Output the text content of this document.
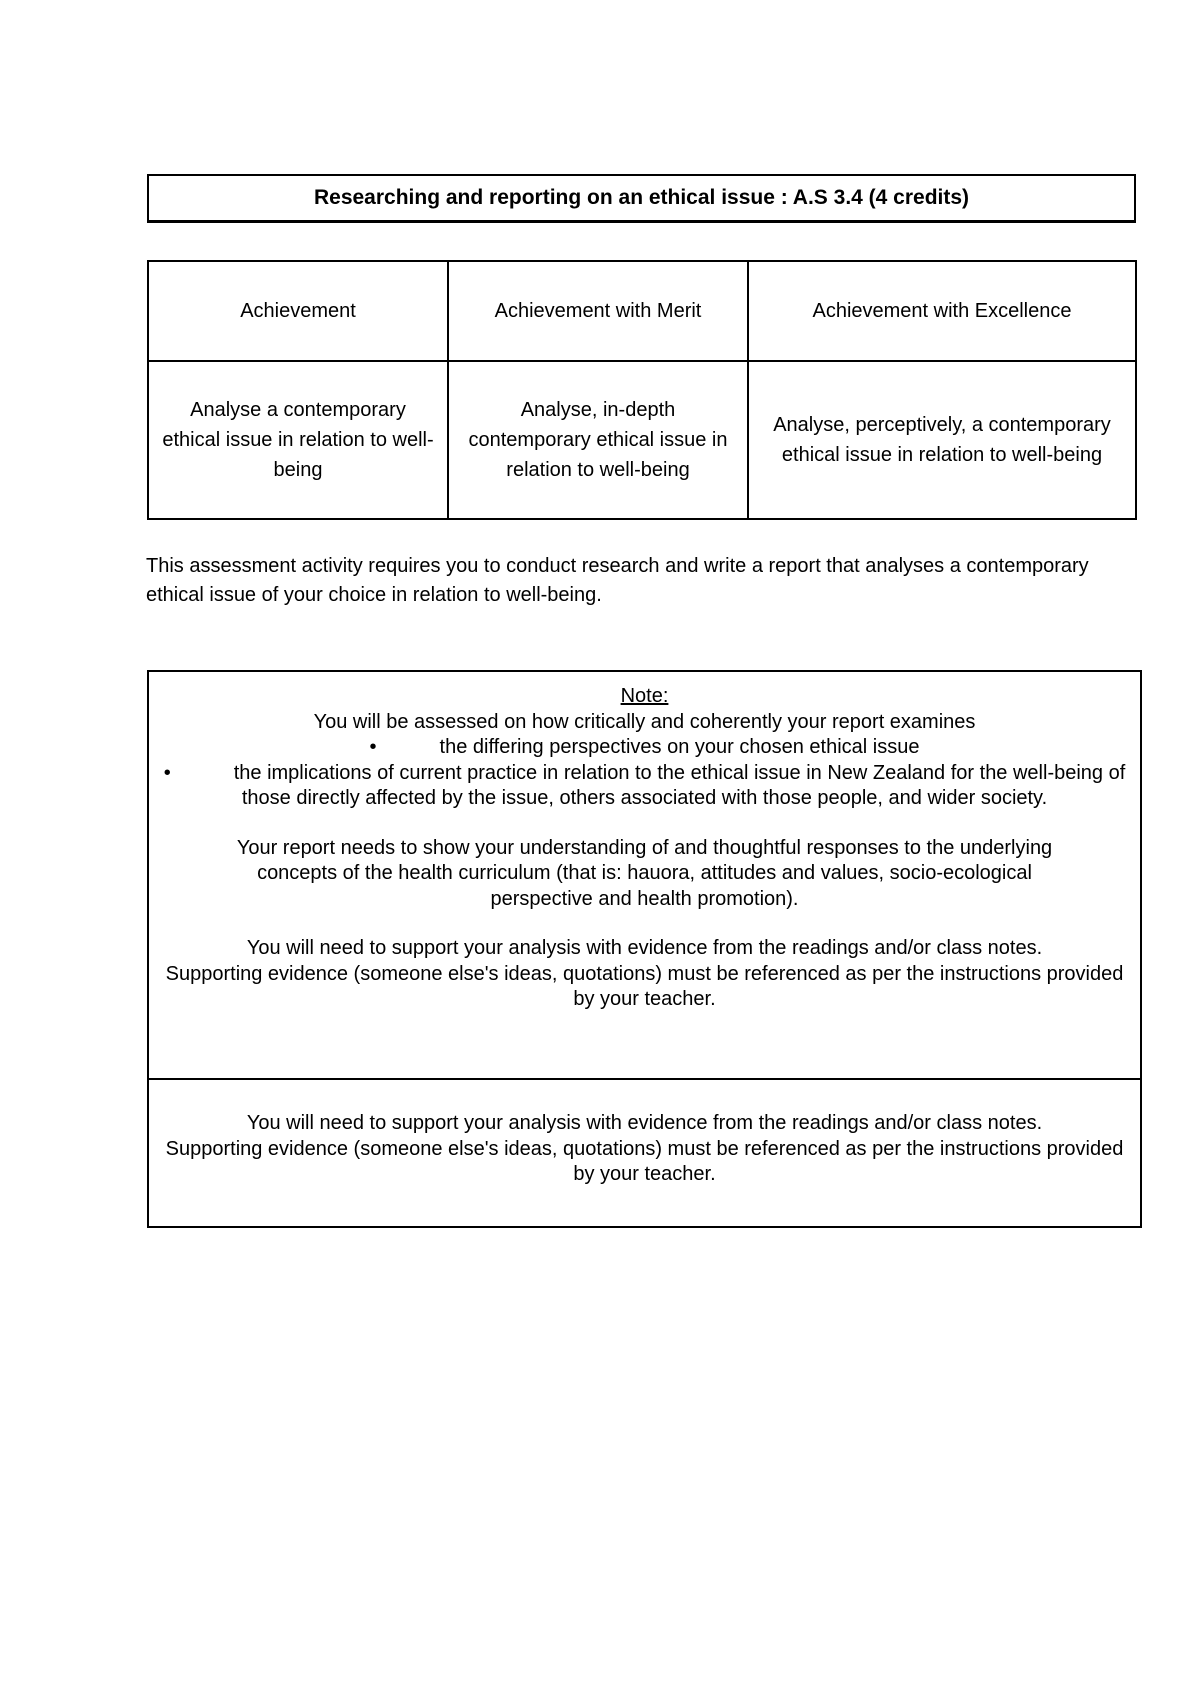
Researching and reporting on an ethical issue : A.S 3.4 (4 credits)
Achievement	Achievement with Merit	Achievement with Excellence
Analyse a contemporary ethical issue in relation to well-being	Analyse, in-depth contemporary ethical issue in relation to well-being	Analyse, perceptively, a contemporary ethical issue in relation to well-being
This assessment activity requires you to conduct research and write a report that analyses a contemporary ethical issue of your choice in relation to well-being.
Note:
You will be assessed on how critically and coherently your report examines
•	the differing perspectives on your chosen ethical issue
•	the implications of current practice in relation to the ethical issue in New Zealand for the well-being of those directly affected by the issue, others associated with those people, and wider society.
Your report needs to show your understanding of and thoughtful responses to the underlying concepts of the health curriculum (that is: hauora, attitudes and values, socio-ecological perspective and health promotion).
You will need to support your analysis with evidence from the readings and/or class notes.
Supporting evidence (someone else's ideas, quotations) must be referenced as per the instructions provided by your teacher.
You will need to support your analysis with evidence from the readings and/or class notes.
Supporting evidence (someone else's ideas, quotations) must be referenced as per the instructions provided by your teacher.
